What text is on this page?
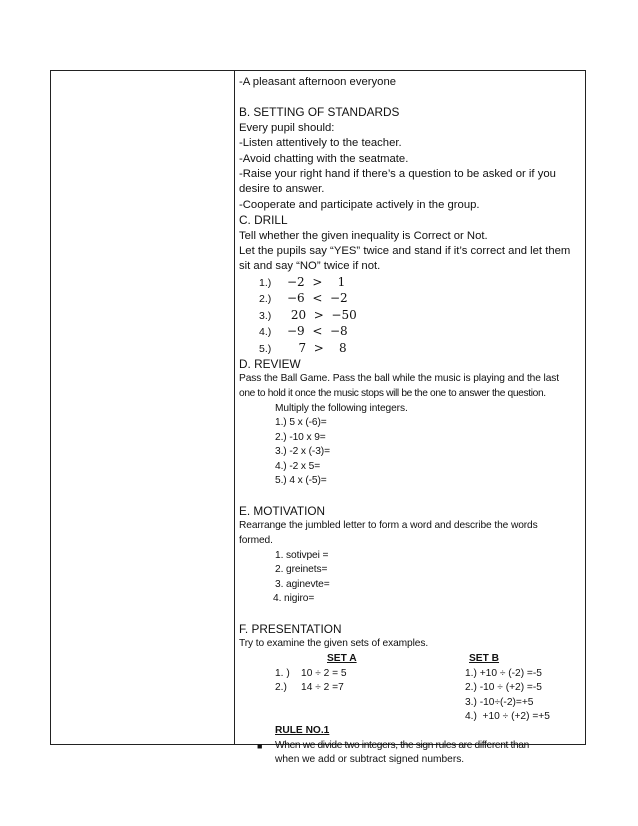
-A pleasant afternoon everyone
B. SETTING OF STANDARDS
Every pupil should:
-Listen attentively to the teacher.
-Avoid chatting with the seatmate.
-Raise your right hand if there’s a question to be asked or if you
desire to answer.
-Cooperate and participate actively in the group.
C. DRILL
Tell whether the given inequality is Correct or Not.
Let the pupils say “YES” twice and stand if it’s correct and let them
sit and say “NO” twice if not.
1.) −2  >    1
2.) −6  <  −2
3.) 20  >  −50
4.) −9  <  −8
5.)   7  >    8
D. REVIEW
Pass the Ball Game. Pass the ball while the music is playing and the last
one to hold it once the music stops will be the one to answer the question.
Multiply the following integers.
1.) 5 x (-6)=
2.) -10 x 9=
3.) -2 x (-3)=
4.) -2 x 5=
5.) 4 x (-5)=
E. MOTIVATION
Rearrange the jumbled letter to form a word and describe the words
formed.
1. sotivpei =
2. greinets=
3. aginevte=
4. nigiro=
F. PRESENTATION
Try to examine the given sets of examples.
SET A
1. )    10 ÷ 2 = 5
2.)     14 ÷ 2 =7
SET B
1.) +10 ÷ (-2) =-5
2.) -10 ÷ (+2) =-5
3.) -10÷(-2)=+5
4.)  +10 ÷ (+2) =+5
RULE NO.1
■ When we divide two integers, the sign rules are different than
when we add or subtract signed numbers.
